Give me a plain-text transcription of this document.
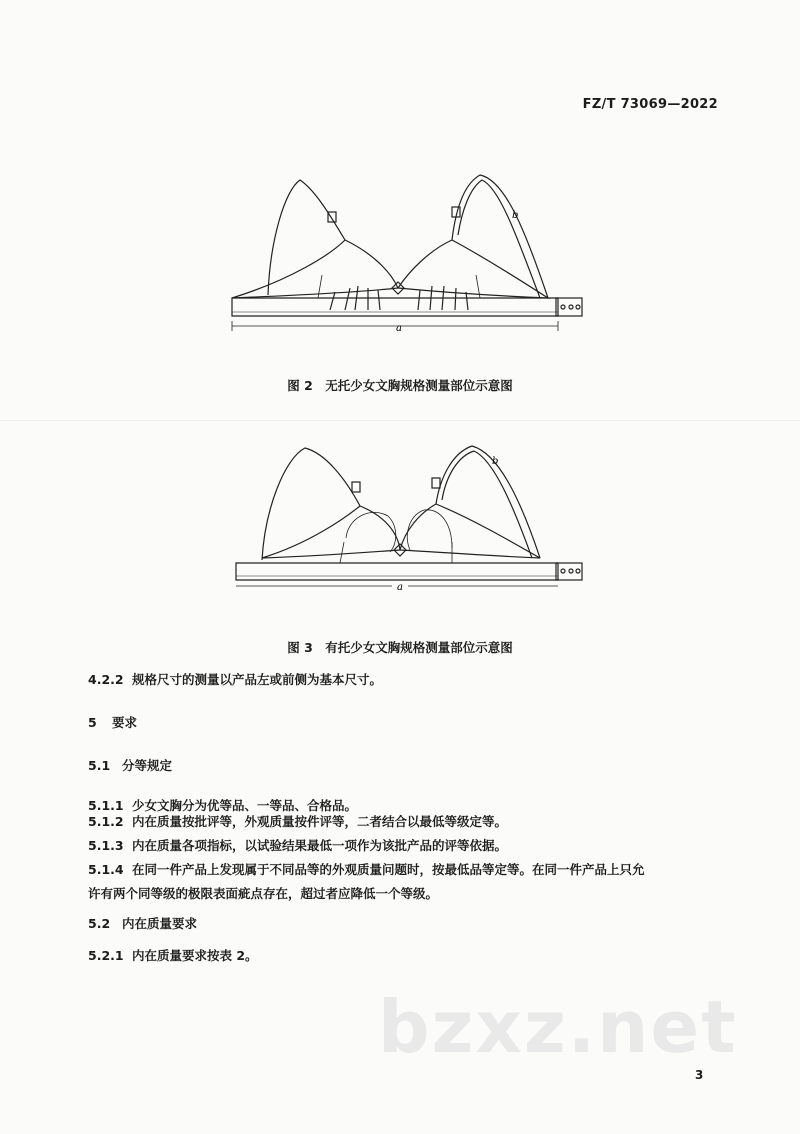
FZ/T 73069—2022
a
b
图 2　无托少女文胸规格测量部位示意图
a
b
图 3　有托少女文胸规格测量部位示意图
4.2.2 规格尺寸的测量以产品左或前侧为基本尺寸。
5 要求
5.1 分等规定
5.1.1 少女文胸分为优等品、一等品、合格品。
5.1.2 内在质量按批评等，外观质量按件评等，二者结合以最低等级定等。
5.1.3 内在质量各项指标，以试验结果最低一项作为该批产品的评等依据。
5.1.4 在同一件产品上发现属于不同品等的外观质量问题时，按最低品等定等。在同一件产品上只允
许有两个同等级的极限表面疵点存在，超过者应降低一个等级。
5.2 内在质量要求
5.2.1 内在质量要求按表 2。
bzxz.net
3
